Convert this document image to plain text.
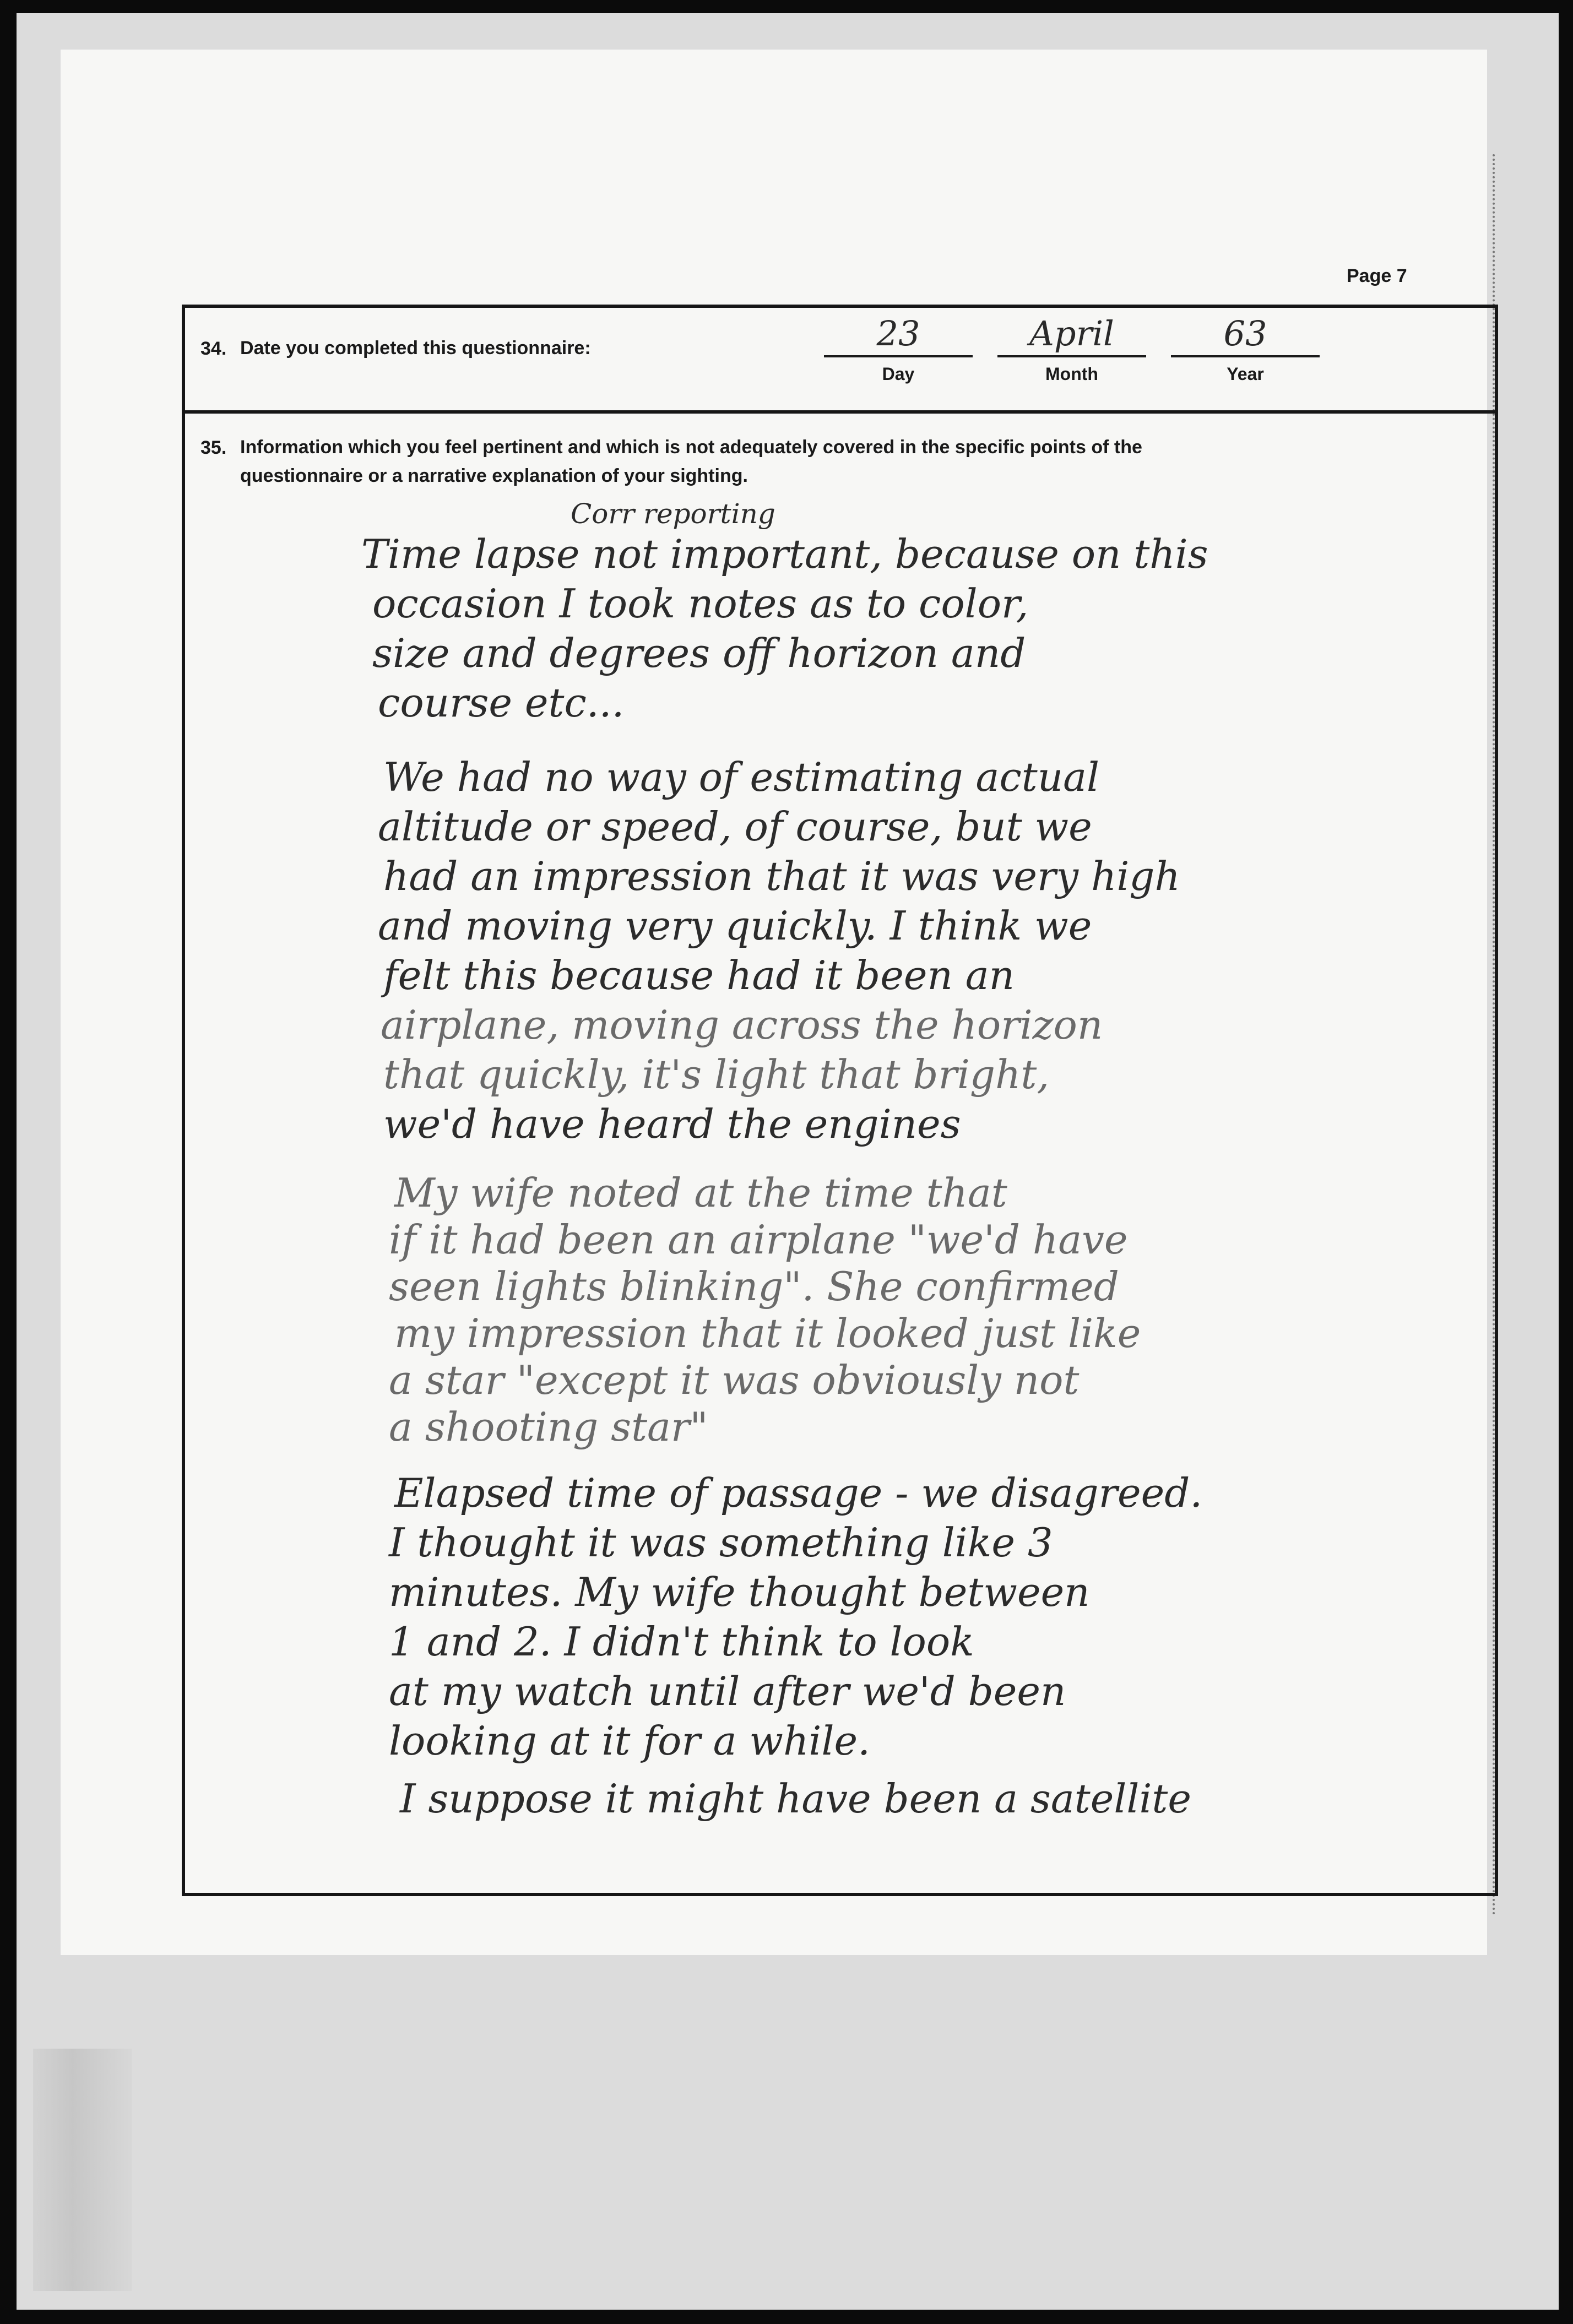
Page 7
34. Date you completed this questionnaire:	23
Day
April
Month
63
Year
35. Information which you feel pertinent and which is not adequately covered in the specific points of the
questionnaire or a narrative explanation of your sighting.
Corr reporting
Time lapse not important, because on this
occasion I took notes as to color,
size and degrees off horizon and
course etc...
We had no way of estimating actual
altitude or speed, of course, but we
had an impression that it was very high
and moving very quickly. I think we
felt this because had it been an
airplane, moving across the horizon
that quickly, it's light that bright,
we'd have heard the engines
My wife noted at the time that
if it had been an airplane "we'd have
seen lights blinking". She confirmed
my impression that it looked just like
a star "except it was obviously not
a shooting star"
Elapsed time of passage - we disagreed.
I thought it was something like 3
minutes. My wife thought between
1 and 2. I didn't think to look
at my watch until after we'd been
looking at it for a while.
I suppose it might have been a satellite
